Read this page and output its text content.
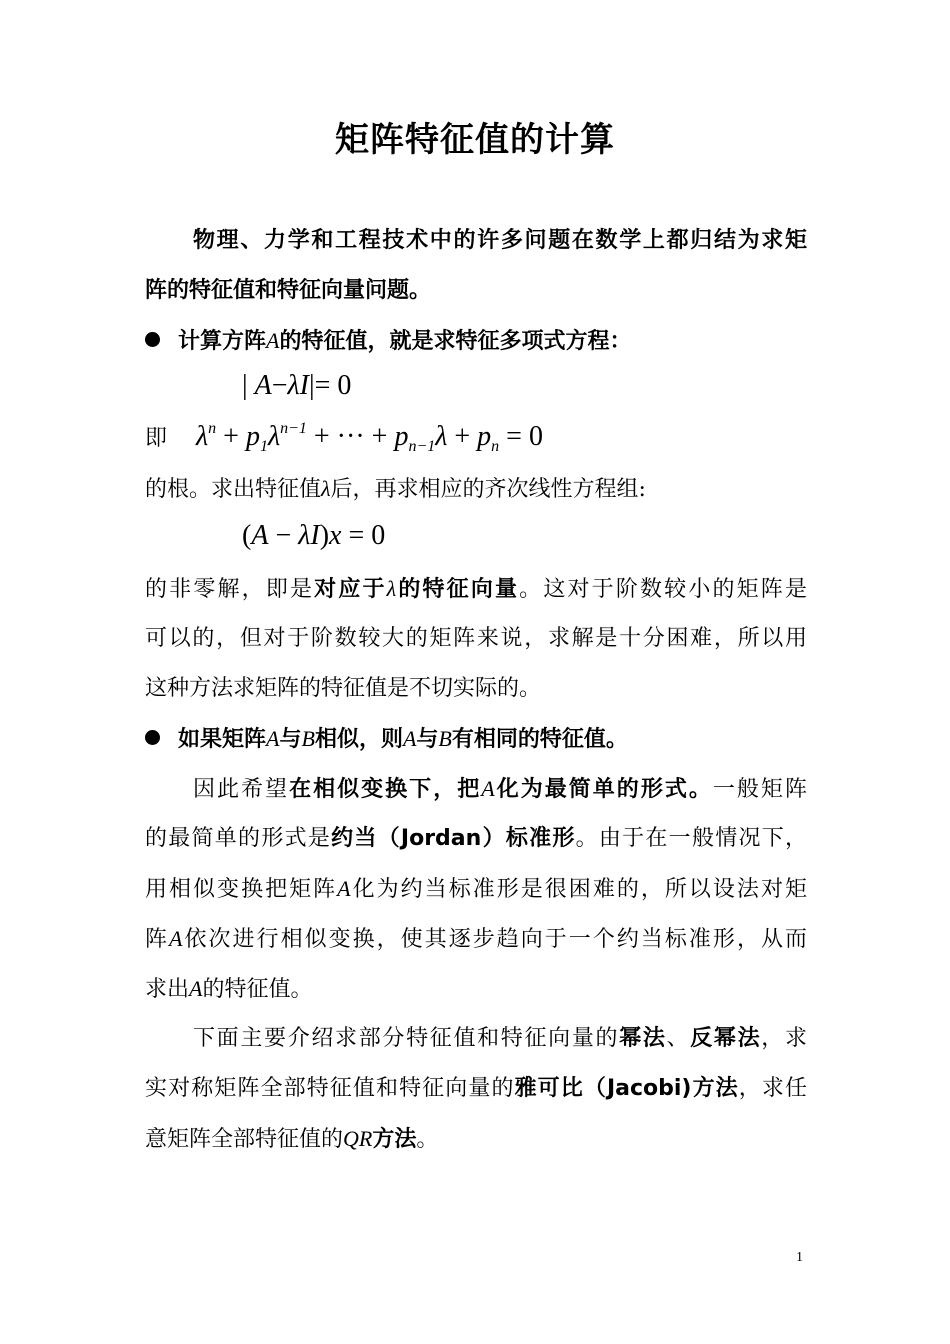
矩阵特征值的计算
物理、力学和工程技术中的许多问题在数学上都归结为求矩
阵的特征值和特征向量问题。
计算方阵A的特征值，就是求特征多项式方程：
| A−λI|= 0
即	$\lambda^n + p_1\lambda^{n-1}$ + ··· + $p_{n-1}\lambda + p_n = 0$
的根。求出特征值λ后，再求相应的齐次线性方程组:
(A − λI)x = 0
的非零解，即是对应于λ的特征向量。这对于阶数较小的矩阵是
可以的，但对于阶数较大的矩阵来说，求解是十分困难，所以用
这种方法求矩阵的特征值是不切实际的。
如果矩阵A与B相似，则A与B有相同的特征值。
因此希望在相似变换下，把A化为最简单的形式。一般矩阵
的最简单的形式是约当（Jordan）标准形。由于在一般情况下，
用相似变换把矩阵A化为约当标准形是很困难的，所以设法对矩
阵A依次进行相似变换，使其逐步趋向于一个约当标准形，从而
求出A的特征值。
下面主要介绍求部分特征值和特征向量的幂法、反幂法，求
实对称矩阵全部特征值和特征向量的雅可比（Jacobi)方法，求任
意矩阵全部特征值的QR方法。
1
